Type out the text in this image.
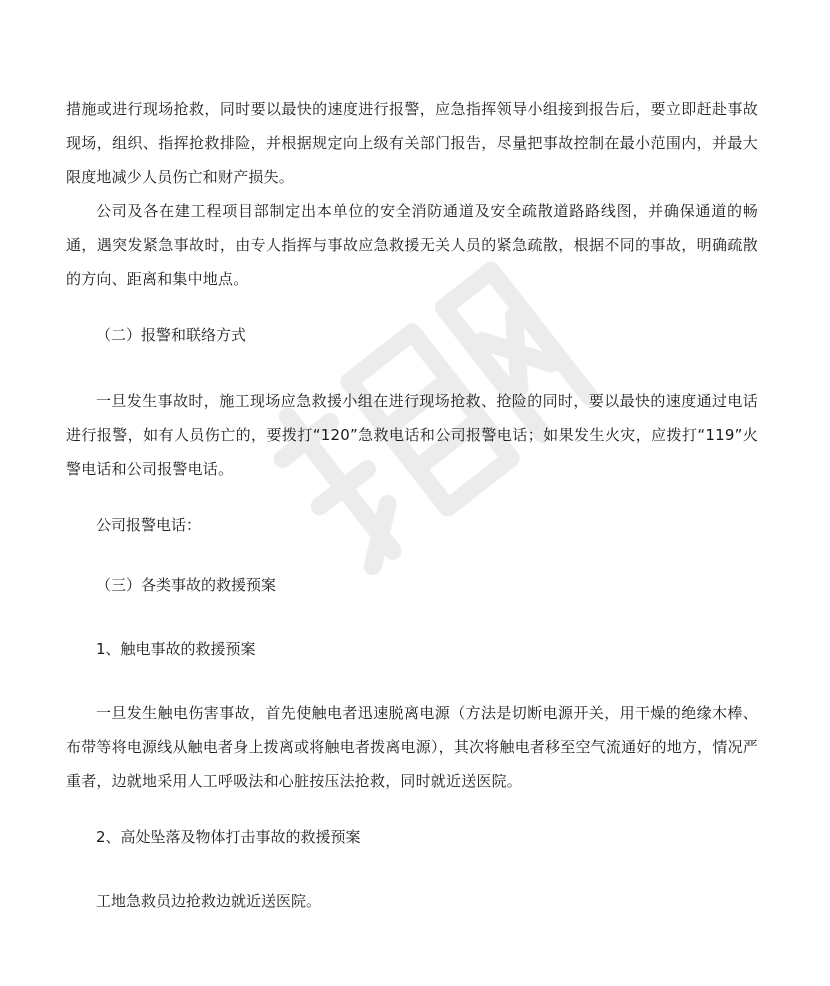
措施或进行现场抢救，同时要以最快的速度进行报警，应急指挥领导小组接到报告后，要立即赶赴事故现场，组织、指挥抢救排险，并根据规定向上级有关部门报告，尽量把事故控制在最小范围内，并最大限度地减少人员伤亡和财产损失。

公司及各在建工程项目部制定出本单位的安全消防通道及安全疏散道路路线图，并确保通道的畅通，遇突发紧急事故时，由专人指挥与事故应急救援无关人员的紧急疏散，根据不同的事故，明确疏散的方向、距离和集中地点。

（二）报警和联络方式

一旦发生事故时，施工现场应急救援小组在进行现场抢救、抢险的同时，要以最快的速度通过电话进行报警，如有人员伤亡的，要拨打“120”急救电话和公司报警电话；如果发生火灾，应拨打“119”火警电话和公司报警电话。

公司报警电话：

（三）各类事故的救援预案

1、触电事故的救援预案

一旦发生触电伤害事故，首先使触电者迅速脱离电源（方法是切断电源开关，用干燥的绝缘木棒、布带等将电源线从触电者身上拨离或将触电者拨离电源），其次将触电者移至空气流通好的地方，情况严重者，边就地采用人工呼吸法和心脏按压法抢救，同时就近送医院。

2、高处坠落及物体打击事故的救援预案

工地急救员边抢救边就近送医院。
